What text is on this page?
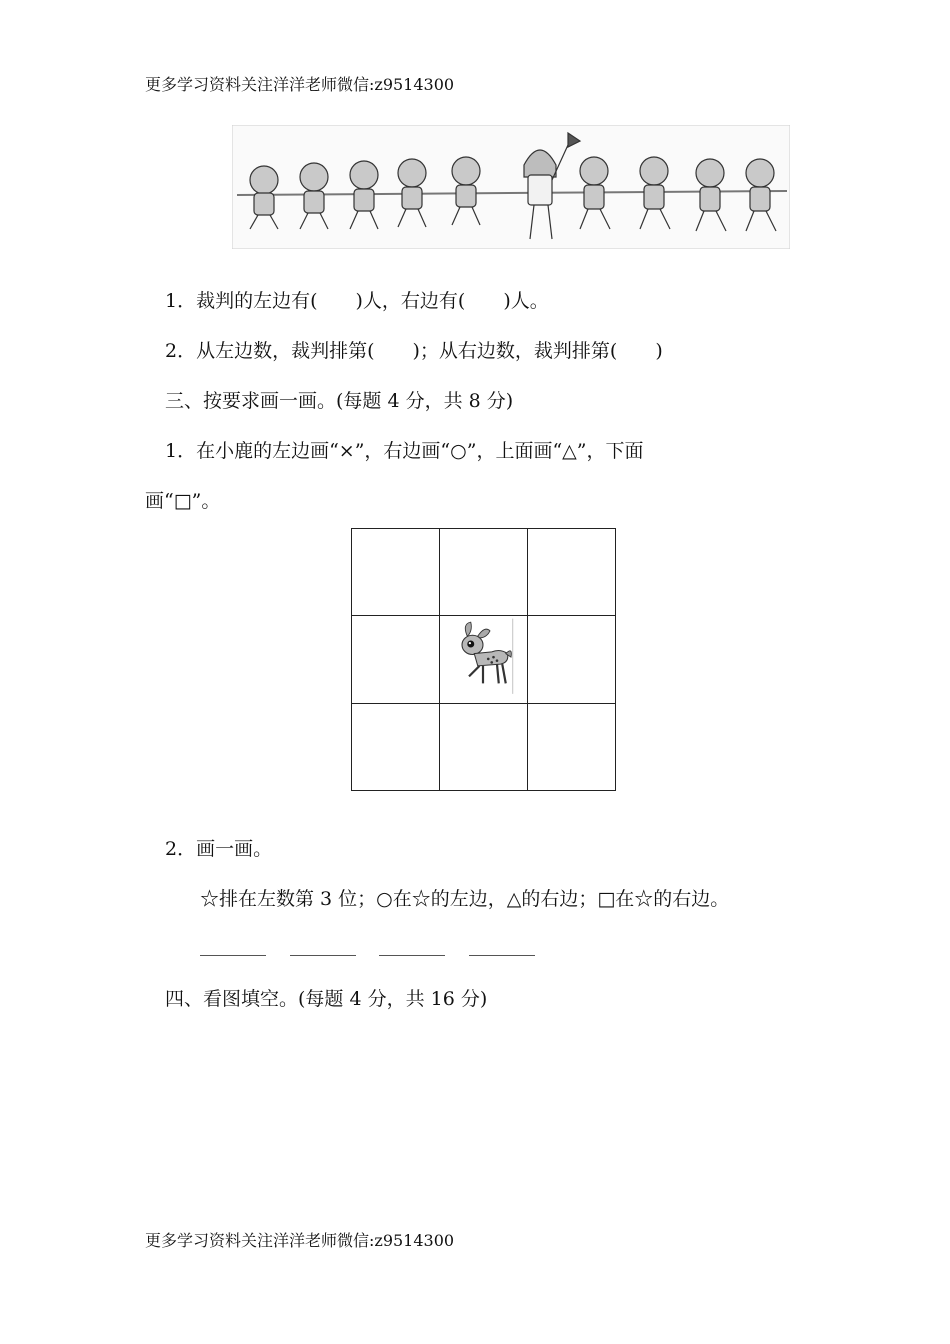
更多学习资料关注洋洋老师微信:z9514300
1．裁判的左边有(　　)人，右边有(　　)人。
2．从左边数，裁判排第(　　)；从右边数，裁判排第(　　)
三、按要求画一画。(每题 4 分，共 8 分)
1．在小鹿的左边画“×”，右边画“○”，上面画“△”，下面
画“□”。
2．画一画。
☆排在左数第 3 位；○在☆的左边，△的右边；□在☆的右边。
四、看图填空。(每题 4 分，共 16 分)
更多学习资料关注洋洋老师微信:z9514300
